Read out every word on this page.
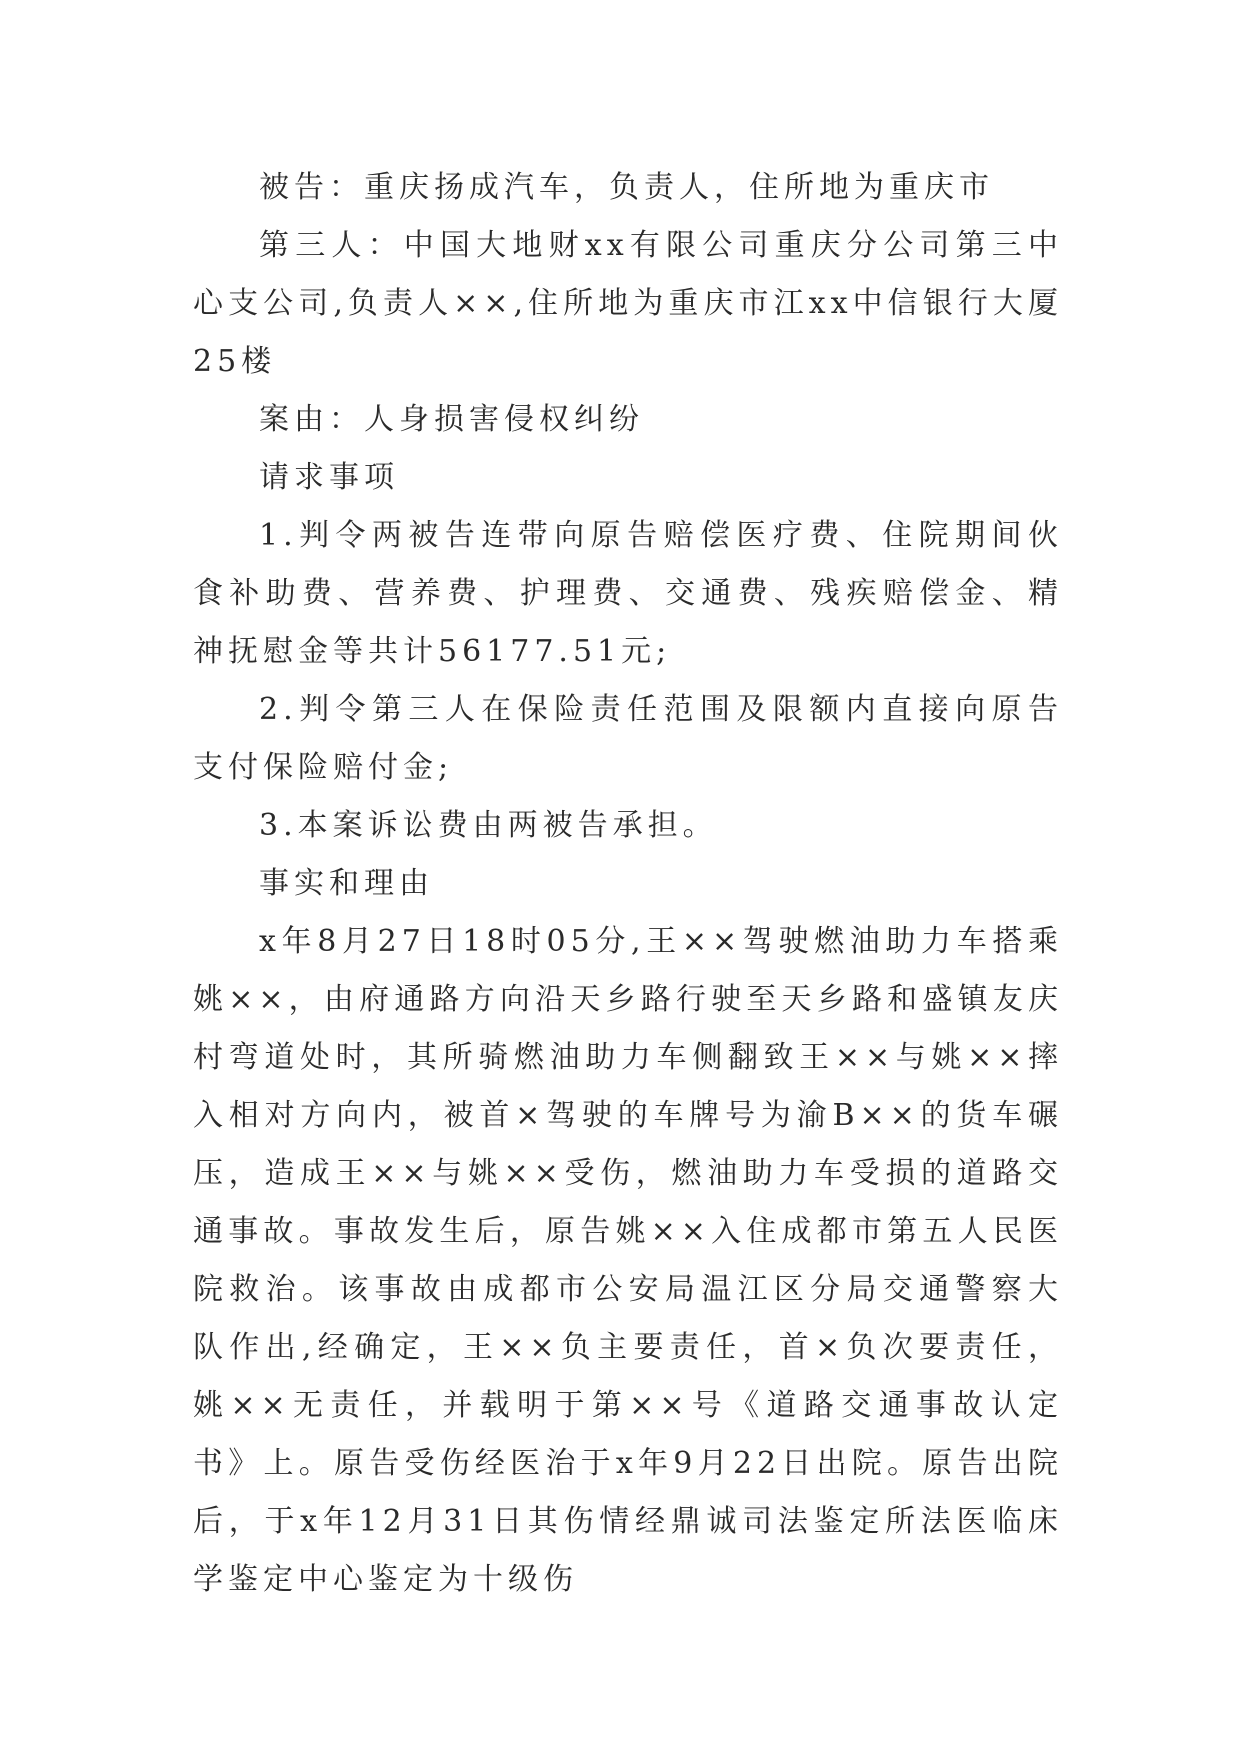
被告：重庆扬成汽车，负责人，住所地为重庆市

第三人：中国大地财xx有限公司重庆分公司第三中心支公司,负责人××,住所地为重庆市江xx中信银行大厦25楼

案由：人身损害侵权纠纷

请求事项

1.判令两被告连带向原告赔偿医疗费、住院期间伙食补助费、营养费、护理费、交通费、残疾赔偿金、精神抚慰金等共计56177.51元;

2.判令第三人在保险责任范围及限额内直接向原告支付保险赔付金;

3.本案诉讼费由两被告承担。

事实和理由

x年8月27日18时05分,王××驾驶燃油助力车搭乘姚××，由府通路方向沿天乡路行驶至天乡路和盛镇友庆村弯道处时，其所骑燃油助力车侧翻致王××与姚××摔入相对方向内，被首×驾驶的车牌号为渝B××的货车碾压，造成王××与姚××受伤，燃油助力车受损的道路交通事故。事故发生后，原告姚××入住成都市第五人民医院救治。该事故由成都市公安局温江区分局交通警察大队作出,经确定，王××负主要责任，首×负次要责任，姚××无责任，并载明于第××号《道路交通事故认定书》上。原告受伤经医治于x年9月22日出院。原告出院后，于x年12月31日其伤情经鼎诚司法鉴定所法医临床学鉴定中心鉴定为十级伤
